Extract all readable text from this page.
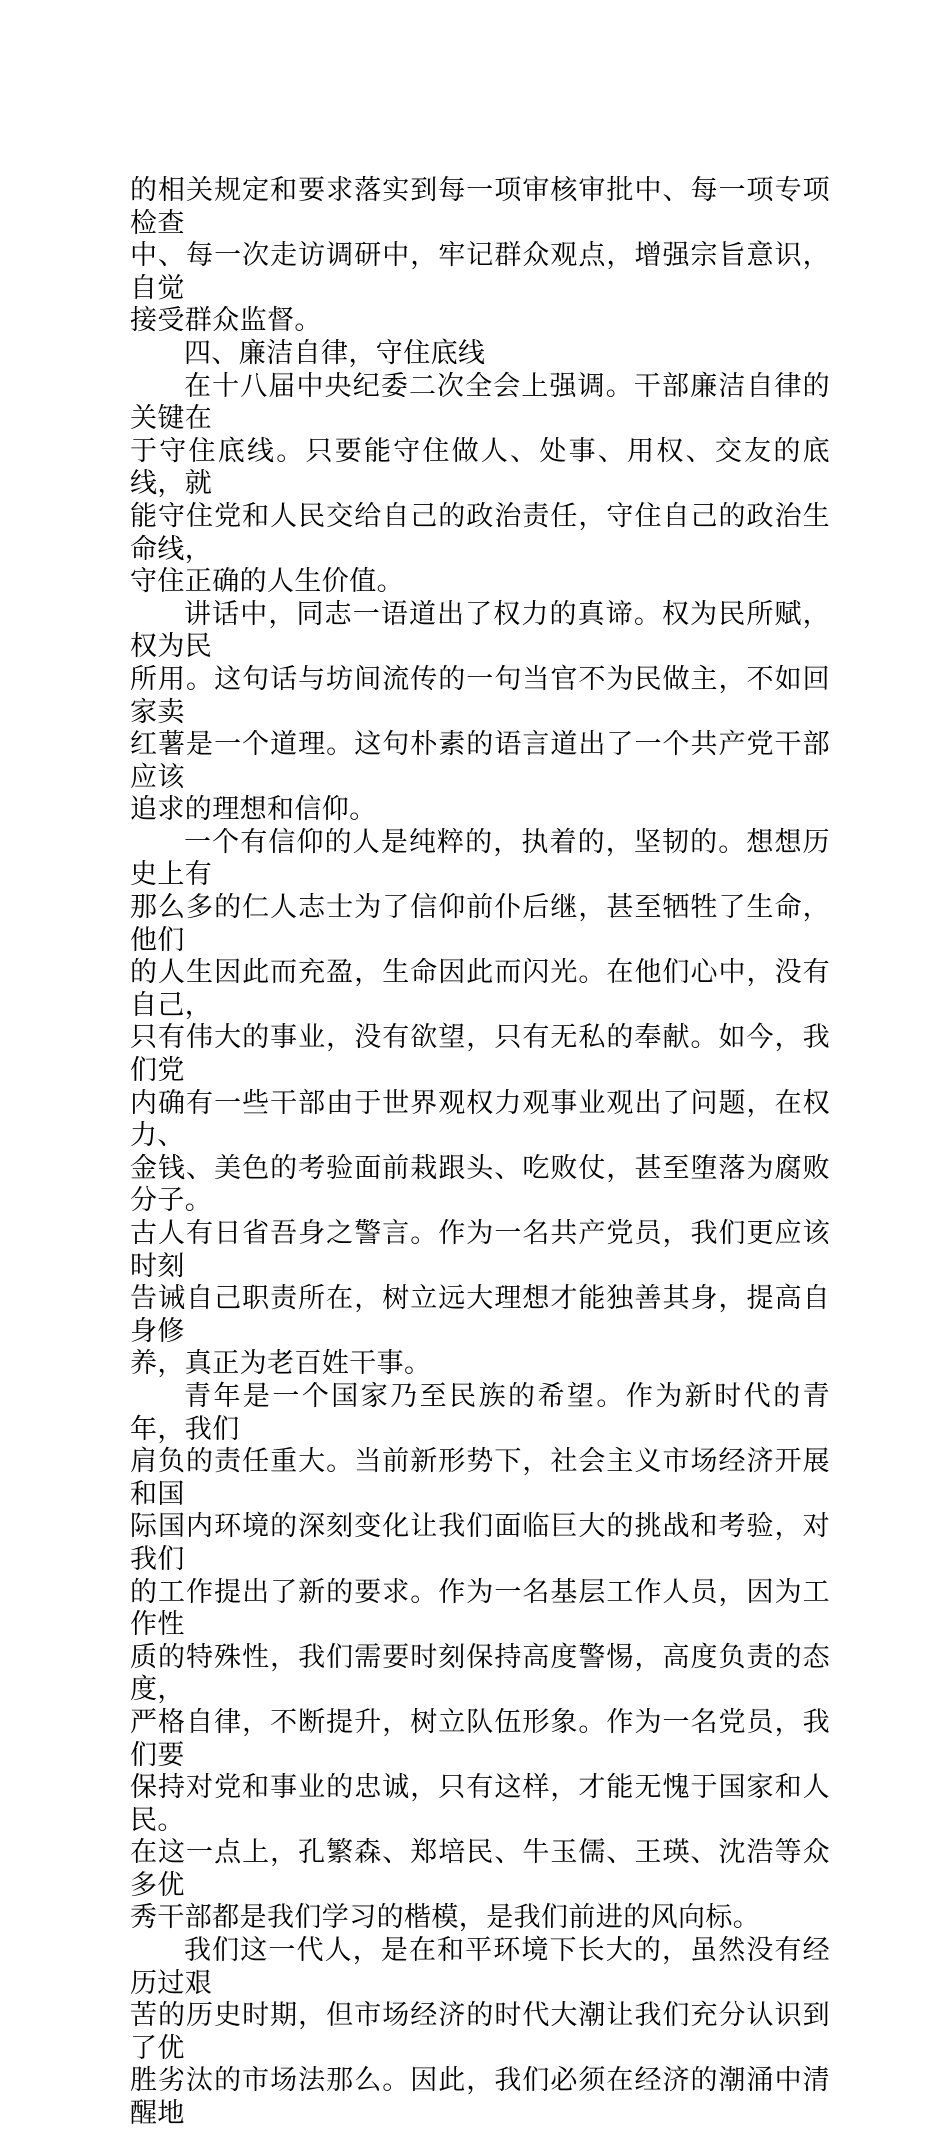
的相关规定和要求落实到每一项审核审批中、每一项专项检查
中、每一次走访调研中，牢记群众观点，增强宗旨意识，自觉
接受群众监督。

四、廉洁自律，守住底线

在十八届中央纪委二次全会上强调。干部廉洁自律的关键在
于守住底线。只要能守住做人、处事、用权、交友的底线，就
能守住党和人民交给自己的政治责任，守住自己的政治生命线，
守住正确的人生价值。

讲话中，同志一语道出了权力的真谛。权为民所赋，权为民
所用。这句话与坊间流传的一句当官不为民做主，不如回家卖
红薯是一个道理。这句朴素的语言道出了一个共产党干部应该
追求的理想和信仰。

一个有信仰的人是纯粹的，执着的，坚韧的。想想历史上有
那么多的仁人志士为了信仰前仆后继，甚至牺牲了生命，他们
的人生因此而充盈，生命因此而闪光。在他们心中，没有自己，
只有伟大的事业，没有欲望，只有无私的奉献。如今，我们党
内确有一些干部由于世界观权力观事业观出了问题，在权力、
金钱、美色的考验面前栽跟头、吃败仗，甚至堕落为腐败分子。
古人有日省吾身之警言。作为一名共产党员，我们更应该时刻
告诫自己职责所在，树立远大理想才能独善其身，提高自身修
养，真正为老百姓干事。

青年是一个国家乃至民族的希望。作为新时代的青年，我们
肩负的责任重大。当前新形势下，社会主义市场经济开展和国
际国内环境的深刻变化让我们面临巨大的挑战和考验，对我们
的工作提出了新的要求。作为一名基层工作人员，因为工作性
质的特殊性，我们需要时刻保持高度警惕，高度负责的态度，
严格自律，不断提升，树立队伍形象。作为一名党员，我们要
保持对党和事业的忠诚，只有这样，才能无愧于国家和人民。
在这一点上，孔繁森、郑培民、牛玉儒、王瑛、沈浩等众多优
秀干部都是我们学习的楷模，是我们前进的风向标。

我们这一代人，是在和平环境下长大的，虽然没有经历过艰
苦的历史时期，但市场经济的时代大潮让我们充分认识到了优
胜劣汰的市场法那么。因此，我们必须在经济的潮涌中清醒地
